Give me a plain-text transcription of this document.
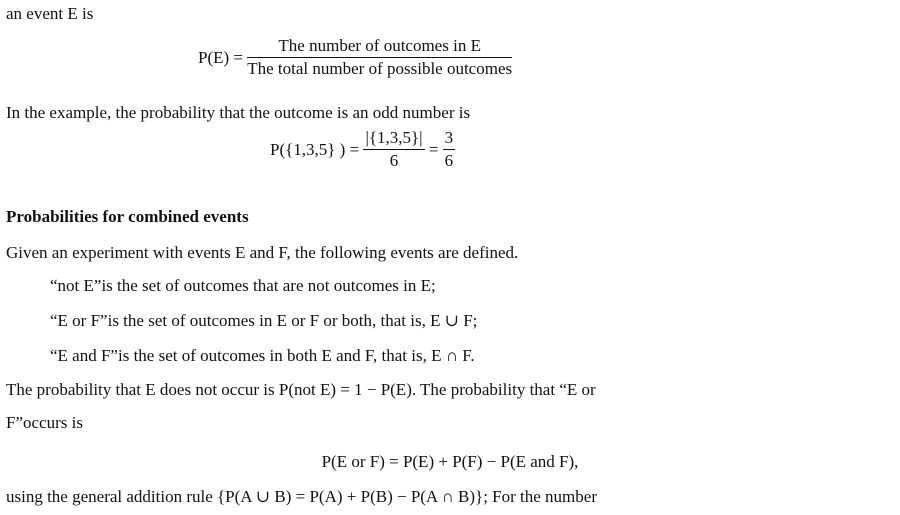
an event E is
$P(E) = \frac{\text{The number of outcomes in E}}{\text{The total number of possible outcomes}}$
In the example, the probability that the outcome is an odd number is
P({1,3,5} ) = $\frac{|\{1,3,5\}|}{6} = \frac{3}{6}$
Probabilities for combined events
Given an experiment with events E and F, the following events are defined.
“not E”is the set of outcomes that are not outcomes in E;
“E or F”is the set of outcomes in E or F or both, that is, E ∪ F;
“E and F”is the set of outcomes in both E and F, that is, E ∩ F.
The probability that E does not occur is P(not E) = 1 − P(E). The probability that “E or
F”occurs is
P(E or F) = P(E) + P(F) − P(E and F),
using the general addition rule {P(A ∪ B) = P(A) + P(B) − P(A ∩ B)}; For the number
